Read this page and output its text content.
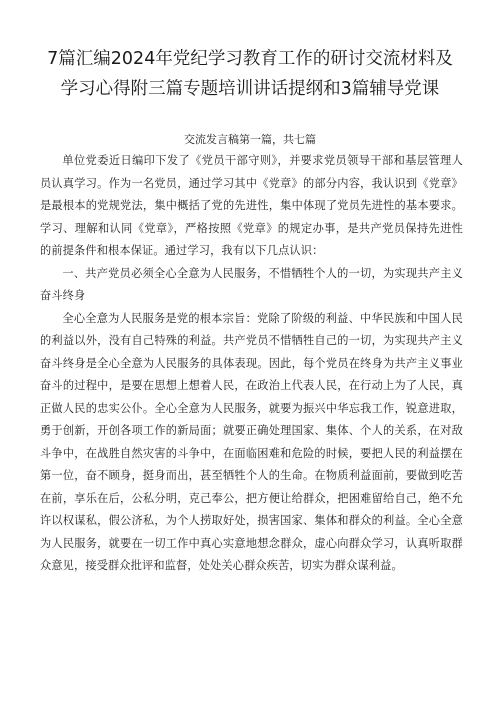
7篇汇编2024年党纪学习教育工作的研讨交流材料及
学习心得附三篇专题培训讲话提纲和3篇辅导党课
交流发言稿第一篇，共七篇

单位党委近日编印下发了《党员干部守则》，并要求党员领导干部和基层管理人员认真学习。作为一名党员，通过学习其中《党章》的部分内容，我认识到《党章》是最根本的党规党法，集中概括了党的先进性，集中体现了党员先进性的基本要求。学习、理解和认同《党章》，严格按照《党章》的规定办事，是共产党员保持先进性的前提条件和根本保证。通过学习，我有以下几点认识：

一、共产党员必须全心全意为人民服务，不惜牺牲个人的一切，为实现共产主义奋斗终身

全心全意为人民服务是党的根本宗旨：党除了阶级的利益、中华民族和中国人民的利益以外，没有自己特殊的利益。共产党员不惜牺牲自己的一切，为实现共产主义奋斗终身是全心全意为人民服务的具体表现。因此，每个党员在终身为共产主义事业奋斗的过程中，是要在思想上想着人民，在政治上代表人民，在行动上为了人民，真正做人民的忠实公仆。全心全意为人民服务，就要为振兴中华忘我工作，锐意进取，勇于创新，开创各项工作的新局面；就要正确处理国家、集体、个人的关系，在对敌斗争中，在战胜自然灾害的斗争中，在面临困难和危险的时候，要把人民的利益摆在第一位，奋不顾身，挺身而出，甚至牺牲个人的生命。在物质利益面前，要做到吃苦在前，享乐在后，公私分明，克己奉公，把方便让给群众，把困难留给自己，绝不允许以权谋私，假公济私，为个人捞取好处，损害国家、集体和群众的利益。全心全意为人民服务，就要在一切工作中真心实意地想念群众，虚心向群众学习，认真听取群众意见，接受群众批评和监督，处处关心群众疾苦，切实为群众谋利益。
